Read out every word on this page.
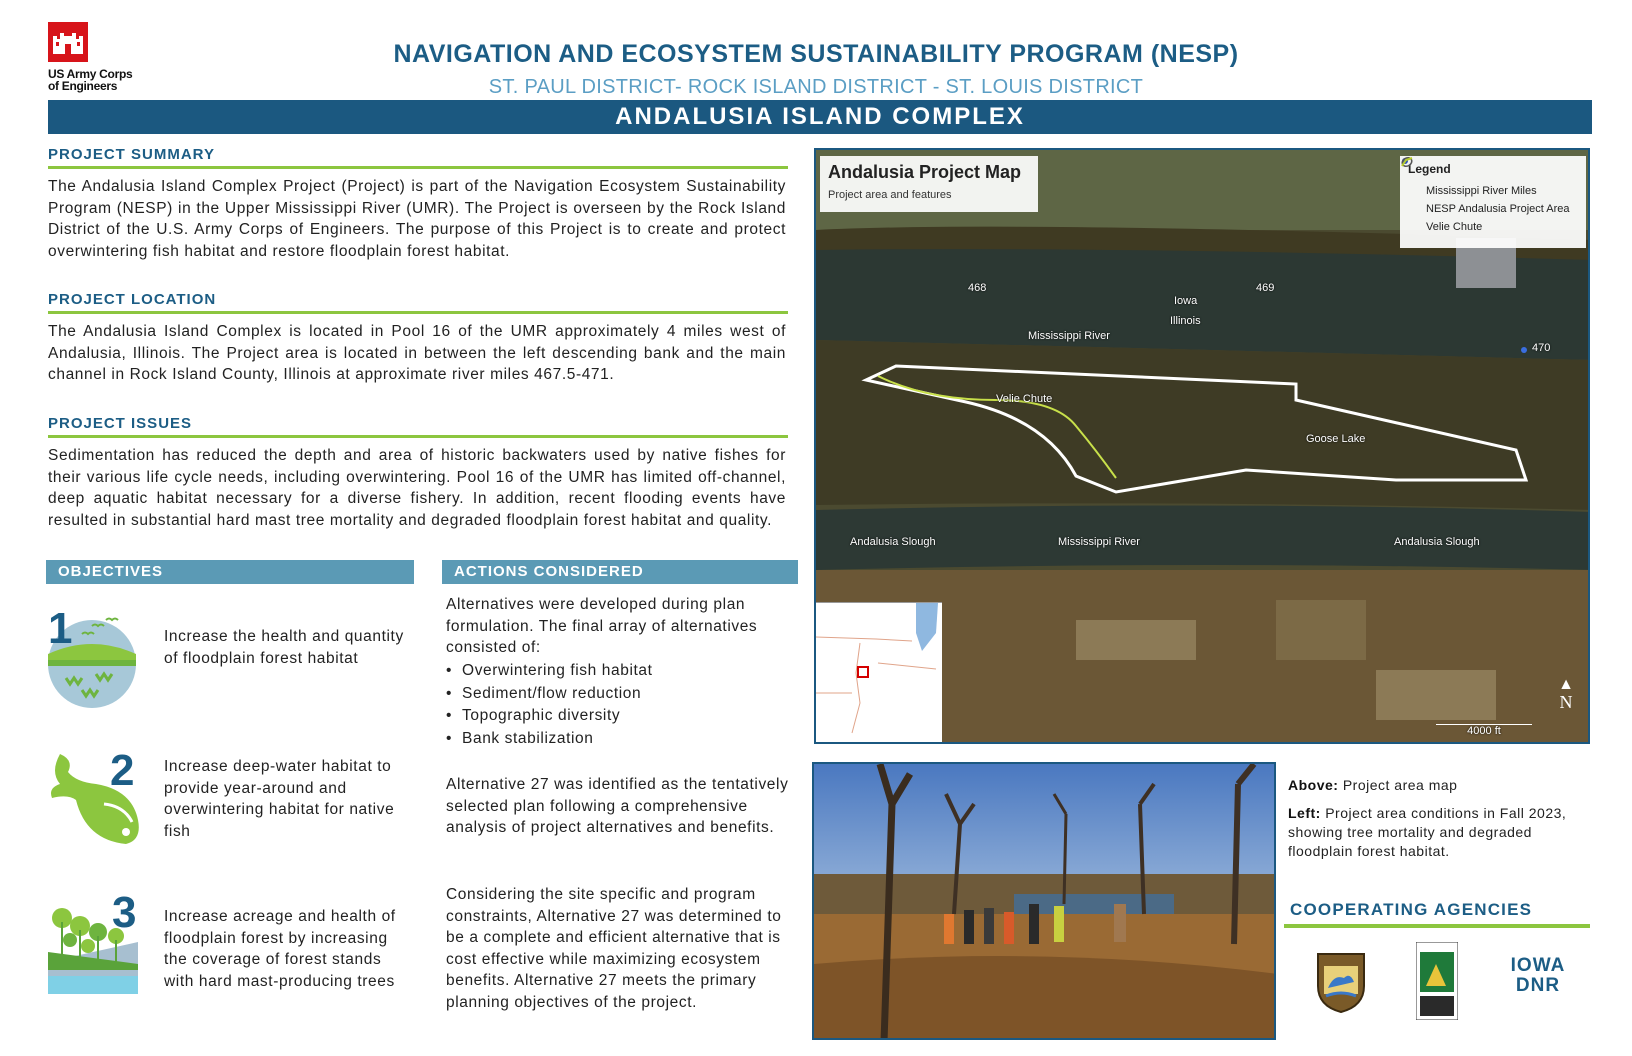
US Army Corps
of Engineers
NAVIGATION AND ECOSYSTEM SUSTAINABILITY PROGRAM (NESP)
ST. PAUL DISTRICT- ROCK ISLAND DISTRICT - ST. LOUIS DISTRICT
ANDALUSIA ISLAND COMPLEX
PROJECT SUMMARY
The Andalusia Island Complex Project (Project) is part of the Navigation Ecosystem Sustainability Program (NESP) in the Upper Mississippi River (UMR). The Project is overseen by the Rock Island District of the U.S. Army Corps of Engineers. The purpose of this Project is to create and protect overwintering fish habitat and restore floodplain forest habitat.
PROJECT LOCATION
The Andalusia Island Complex is located in Pool 16 of the UMR approximately 4 miles west of Andalusia, Illinois. The Project area is located in between the left descending bank and the main channel in Rock Island County, Illinois at approximate river miles 467.5-471.
PROJECT ISSUES
Sedimentation has reduced the depth and area of historic backwaters used by native fishes for their various life cycle needs, including overwintering. Pool 16 of the UMR has limited off-channel, deep aquatic habitat necessary for a diverse fishery. In addition, recent flooding events have resulted in substantial hard mast tree mortality and degraded floodplain forest habitat and quality.
OBJECTIVES
1	Increase the health and quantity of floodplain forest habitat
2 Increase deep-water habitat to provide year-around and overwintering habitat for native fish
3 Increase acreage and health of floodplain forest by increasing the coverage of forest stands with hard mast-producing trees
ACTIONS CONSIDERED
Alternatives were developed during plan formulation. The final array of alternatives consisted of:
• Overwintering fish habitat
• Sediment/flow reduction
• Topographic diversity
• Bank stabilization
Alternative 27 was identified as the tentatively selected plan following a comprehensive analysis of project alternatives and benefits.
Considering the site specific and program constraints, Alternative 27 was determined to be a complete and efficient alternative that is cost effective while maximizing ecosystem benefits. Alternative 27 meets the primary planning objectives of the project.
468	469
470
Iowa
Illinois
Mississippi River
Velie Chute
Goose Lake
Andalusia Slough	Mississippi River	Andalusia Slough
Andalusia Project Map
Project area and features
Legend
Mississippi River Miles
NESP Andalusia Project Area
Velie Chute
▲
N
4000 ft
Above: Project area map
Left: Project area conditions in Fall 2023, showing tree mortality and degraded floodplain forest habitat.
COOPERATING AGENCIES
IOWA
DNR
